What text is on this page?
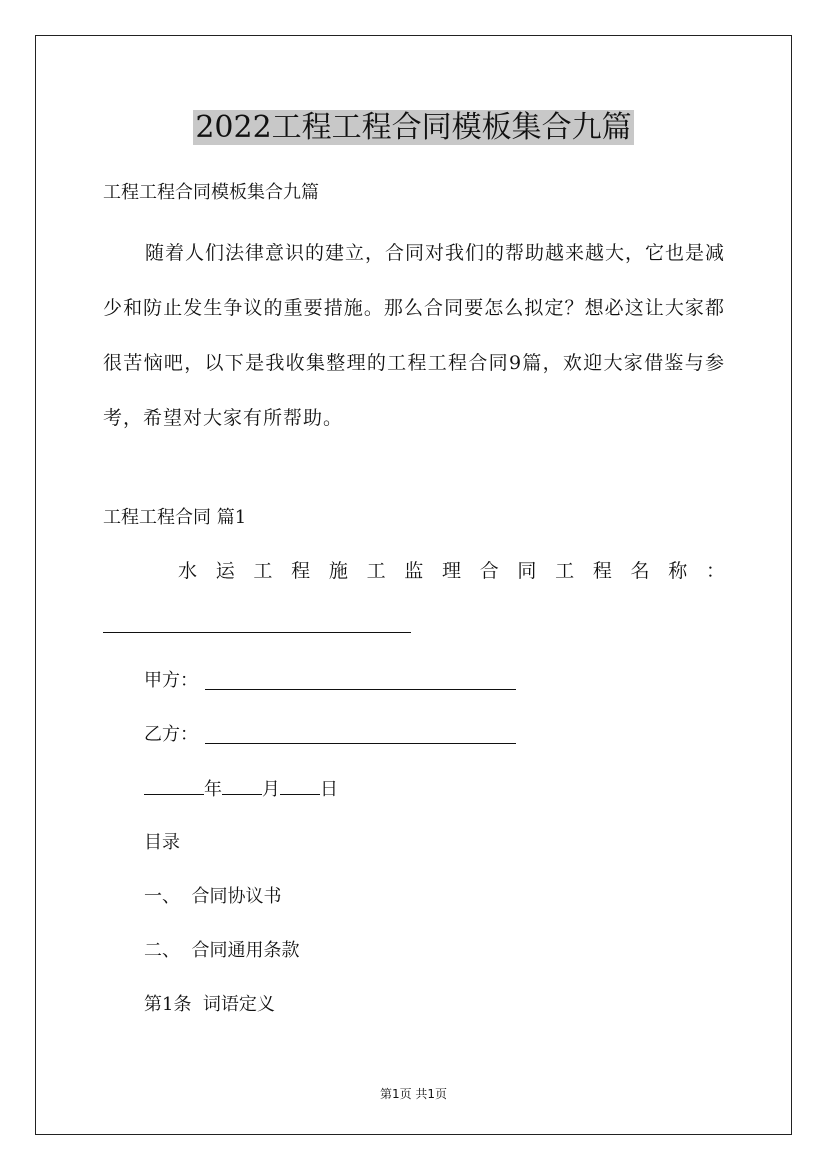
2022工程工程合同模板集合九篇
工程工程合同模板集合九篇
随着人们法律意识的建立，合同对我们的帮助越来越大，它也是减少和防止发生争议的重要措施。那么合同要怎么拟定？想必这让大家都很苦恼吧，以下是我收集整理的工程工程合同9篇，欢迎大家借鉴与参考，希望对大家有所帮助。
工程工程合同 篇1
水运工程施工监理合同工程名称：
甲方：
乙方：
年 月 日
目录
一、  合同协议书
二、  合同通用条款
第1条  词语定义
第1页 共1页
